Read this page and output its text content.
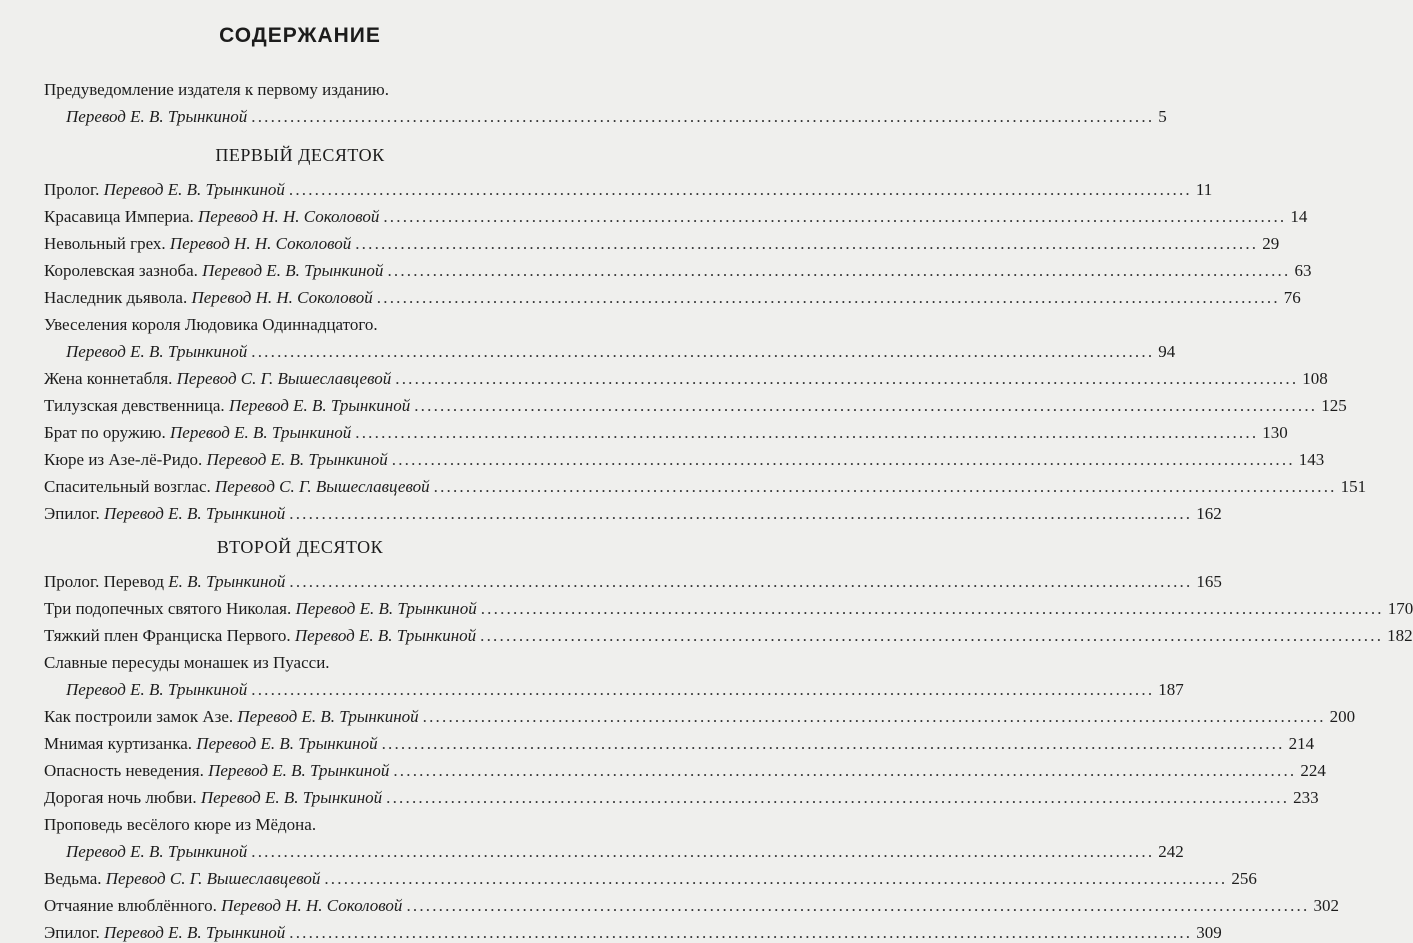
СОДЕРЖАНИЕ
Предуведомление издателя к первому изданию.
Перевод Е. В. Трынкиной ............................................................................................................................................ 5
ПЕРВЫЙ ДЕСЯТОК
Пролог. Перевод Е. В. Трынкиной ............................................................................................................................................ 11
Красавица Империа. Перевод Н. Н. Соколовой ............................................................................................................................................ 14
Невольный грех. Перевод Н. Н. Соколовой ............................................................................................................................................ 29
Королевская зазноба. Перевод Е. В. Трынкиной ............................................................................................................................................ 63
Наследник дьявола. Перевод Н. Н. Соколовой ............................................................................................................................................ 76
Увеселения короля Людовика Одиннадцатого.
Перевод Е. В. Трынкиной ............................................................................................................................................ 94
Жена коннетабля. Перевод С. Г. Вышеславцевой ............................................................................................................................................ 108
Тилузская девственница. Перевод Е. В. Трынкиной ............................................................................................................................................ 125
Брат по оружию. Перевод Е. В. Трынкиной ............................................................................................................................................ 130
Кюре из Азе-лё-Ридо. Перевод Е. В. Трынкиной ............................................................................................................................................ 143
Спасительный возглас. Перевод С. Г. Вышеславцевой ............................................................................................................................................ 151
Эпилог. Перевод Е. В. Трынкиной ............................................................................................................................................ 162
ВТОРОЙ ДЕСЯТОК
Пролог. Перевод Е. В. Трынкиной ............................................................................................................................................ 165
Три подопечных святого Николая. Перевод Е. В. Трынкиной ............................................................................................................................................ 170
Тяжкий плен Франциска Первого. Перевод Е. В. Трынкиной ............................................................................................................................................ 182
Славные пересуды монашек из Пуасси.
Перевод Е. В. Трынкиной ............................................................................................................................................ 187
Как построили замок Азе. Перевод Е. В. Трынкиной ............................................................................................................................................ 200
Мнимая куртизанка. Перевод Е. В. Трынкиной ............................................................................................................................................ 214
Опасность неведения. Перевод Е. В. Трынкиной ............................................................................................................................................ 224
Дорогая ночь любви. Перевод Е. В. Трынкиной ............................................................................................................................................ 233
Проповедь весёлого кюре из Мёдона.
Перевод Е. В. Трынкиной ............................................................................................................................................ 242
Ведьма. Перевод С. Г. Вышеславцевой ............................................................................................................................................ 256
Отчаяние влюблённого. Перевод Н. Н. Соколовой ............................................................................................................................................ 302
Эпилог. Перевод Е. В. Трынкиной ............................................................................................................................................ 309
